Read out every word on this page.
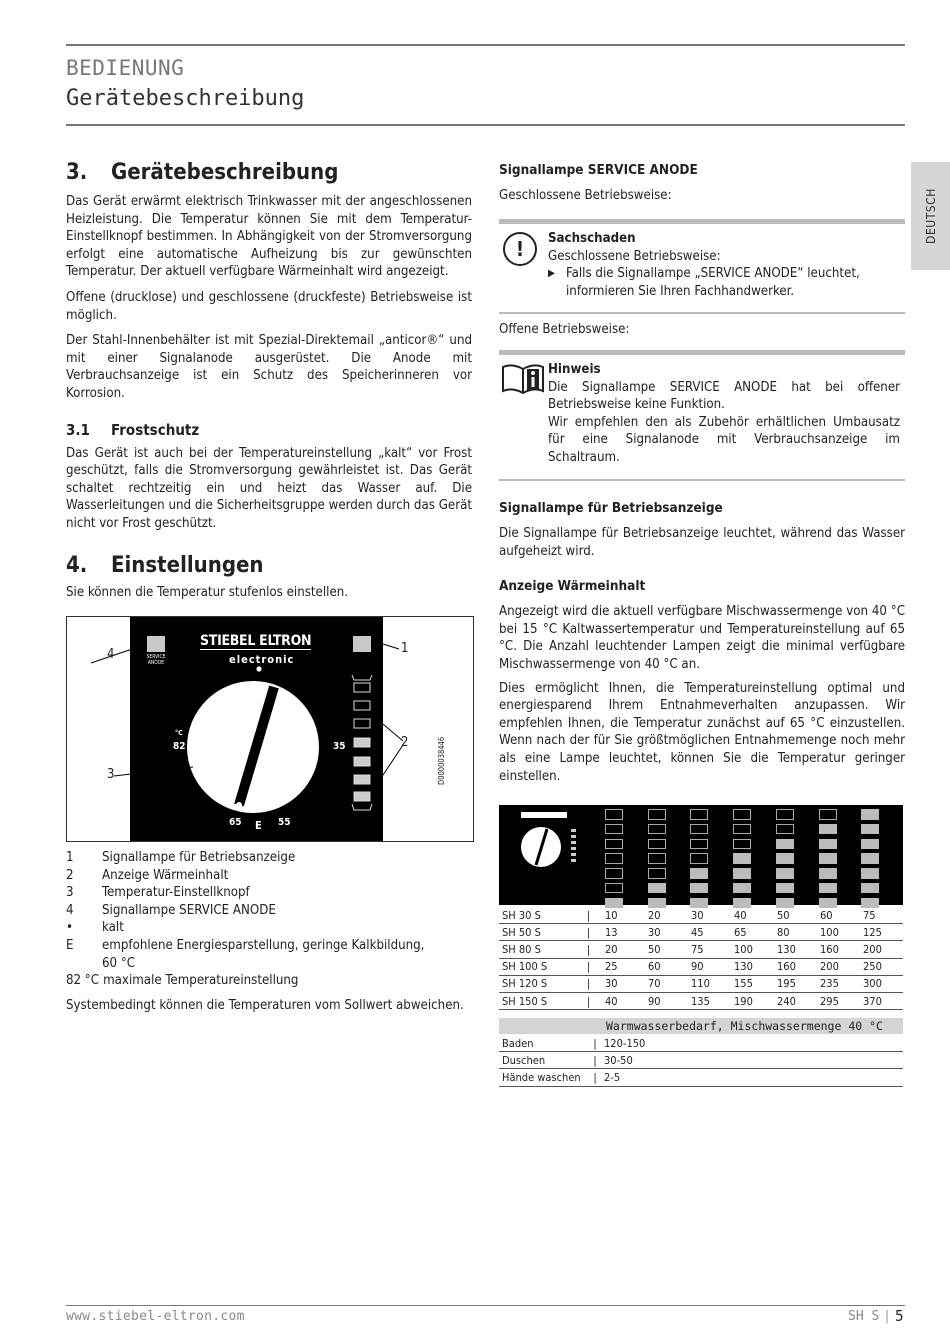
BEDIENUNG
Gerätebeschreibung
DEUTSCH
3. Gerätebeschreibung

Das Gerät erwärmt elektrisch Trinkwasser mit der angeschlossenen Heizleistung. Die Temperatur können Sie mit dem Temperatur-Einstellknopf bestimmen. In Abhängigkeit von der Stromversorgung erfolgt eine automatische Aufheizung bis zur gewünschten Temperatur. Der aktuell verfügbare Wärmeinhalt wird angezeigt.

Offene (drucklose) und geschlossene (druckfeste) Betriebsweise ist möglich.

Der Stahl-Innenbehälter ist mit Spezial-Direktemail „anticor®“ und mit einer Signalanode ausgerüstet. Die Anode mit Verbrauchsanzeige ist ein Schutz des Speicherinneren vor Korrosion.

3.1 Frostschutz

Das Gerät ist auch bei der Temperatureinstellung „kalt“ vor Frost geschützt, falls die Stromversorgung gewährleistet ist. Das Gerät schaltet rechtzeitig ein und heizt das Wasser auf. Die Wasserleitungen und die Sicherheitsgruppe werden durch das Gerät nicht vor Frost geschützt.

4. Einstellungen

Sie können die Temperatur stufenlos einstellen.

STIEBEL ELTRON
electronic
SERVICE ANODE
°C
82	35
65 E 55
1
2
3
4
D0000038446
1	Signallampe für Betriebsanzeige
2	Anzeige Wärmeinhalt
3	Temperatur-Einstellknopf
4	Signallampe SERVICE ANODE
•	kalt
E	empfohlene Energiesparstellung, geringe Kalkbildung,
60 °C
82 °C maximale Temperatureinstellung

Systembedingt können die Temperaturen vom Sollwert abweichen.

Signallampe SERVICE ANODE

Geschlossene Betriebsweise:

!	Sachschaden
Geschlossene Betriebsweise:
▶ Falls die Signallampe „SERVICE ANODE“ leuchtet, informieren Sie Ihren Fachhandwerker.
Offene Betriebsweise:
Hinweis
Die Signallampe SERVICE ANODE hat bei offener Betriebsweise keine Funktion.
Wir empfehlen den als Zubehör erhältlichen Umbausatz für eine Signalanode mit Verbrauchsanzeige im Schaltraum.
Signallampe für Betriebsanzeige

Die Signallampe für Betriebsanzeige leuchtet, während das Wasser aufgeheizt wird.

Anzeige Wärmeinhalt

Angezeigt wird die aktuell verfügbare Mischwassermenge von 40 °C bei 15 °C Kaltwassertemperatur und Temperatureinstellung auf 65 °C. Die Anzahl leuchtender Lampen zeigt die minimal verfügbare Mischwassermenge von 40 °C an.

Dies ermöglicht Ihnen, die Temperatureinstellung optimal und energiesparend Ihrem Entnahmeverhalten anzupassen. Wir empfehlen Ihnen, die Temperatur zunächst auf 65 °C einzustellen. Wenn nach der für Sie größtmöglichen Entnahmemenge noch mehr als eine Lampe leuchtet, können Sie die Temperatur geringer einstellen.

SH 30 S	|	10	20	30	40	50	60	75
SH 50 S	|	13	30	45	65	80	100	125
SH 80 S	|	20	50	75	100	130	160	200
SH 100 S	|	25	60	90	130	160	200	250
SH 120 S	|	30	70	110	155	195	235	300
SH 150 S	|	40	90	135	190	240	295	370
Warmwasserbedarf, Mischwassermenge 40 °C
Baden	|	120-150
Duschen	|	30-50
Hände waschen	|	2-5
www.stiebel-eltron.com	SH S | 5
